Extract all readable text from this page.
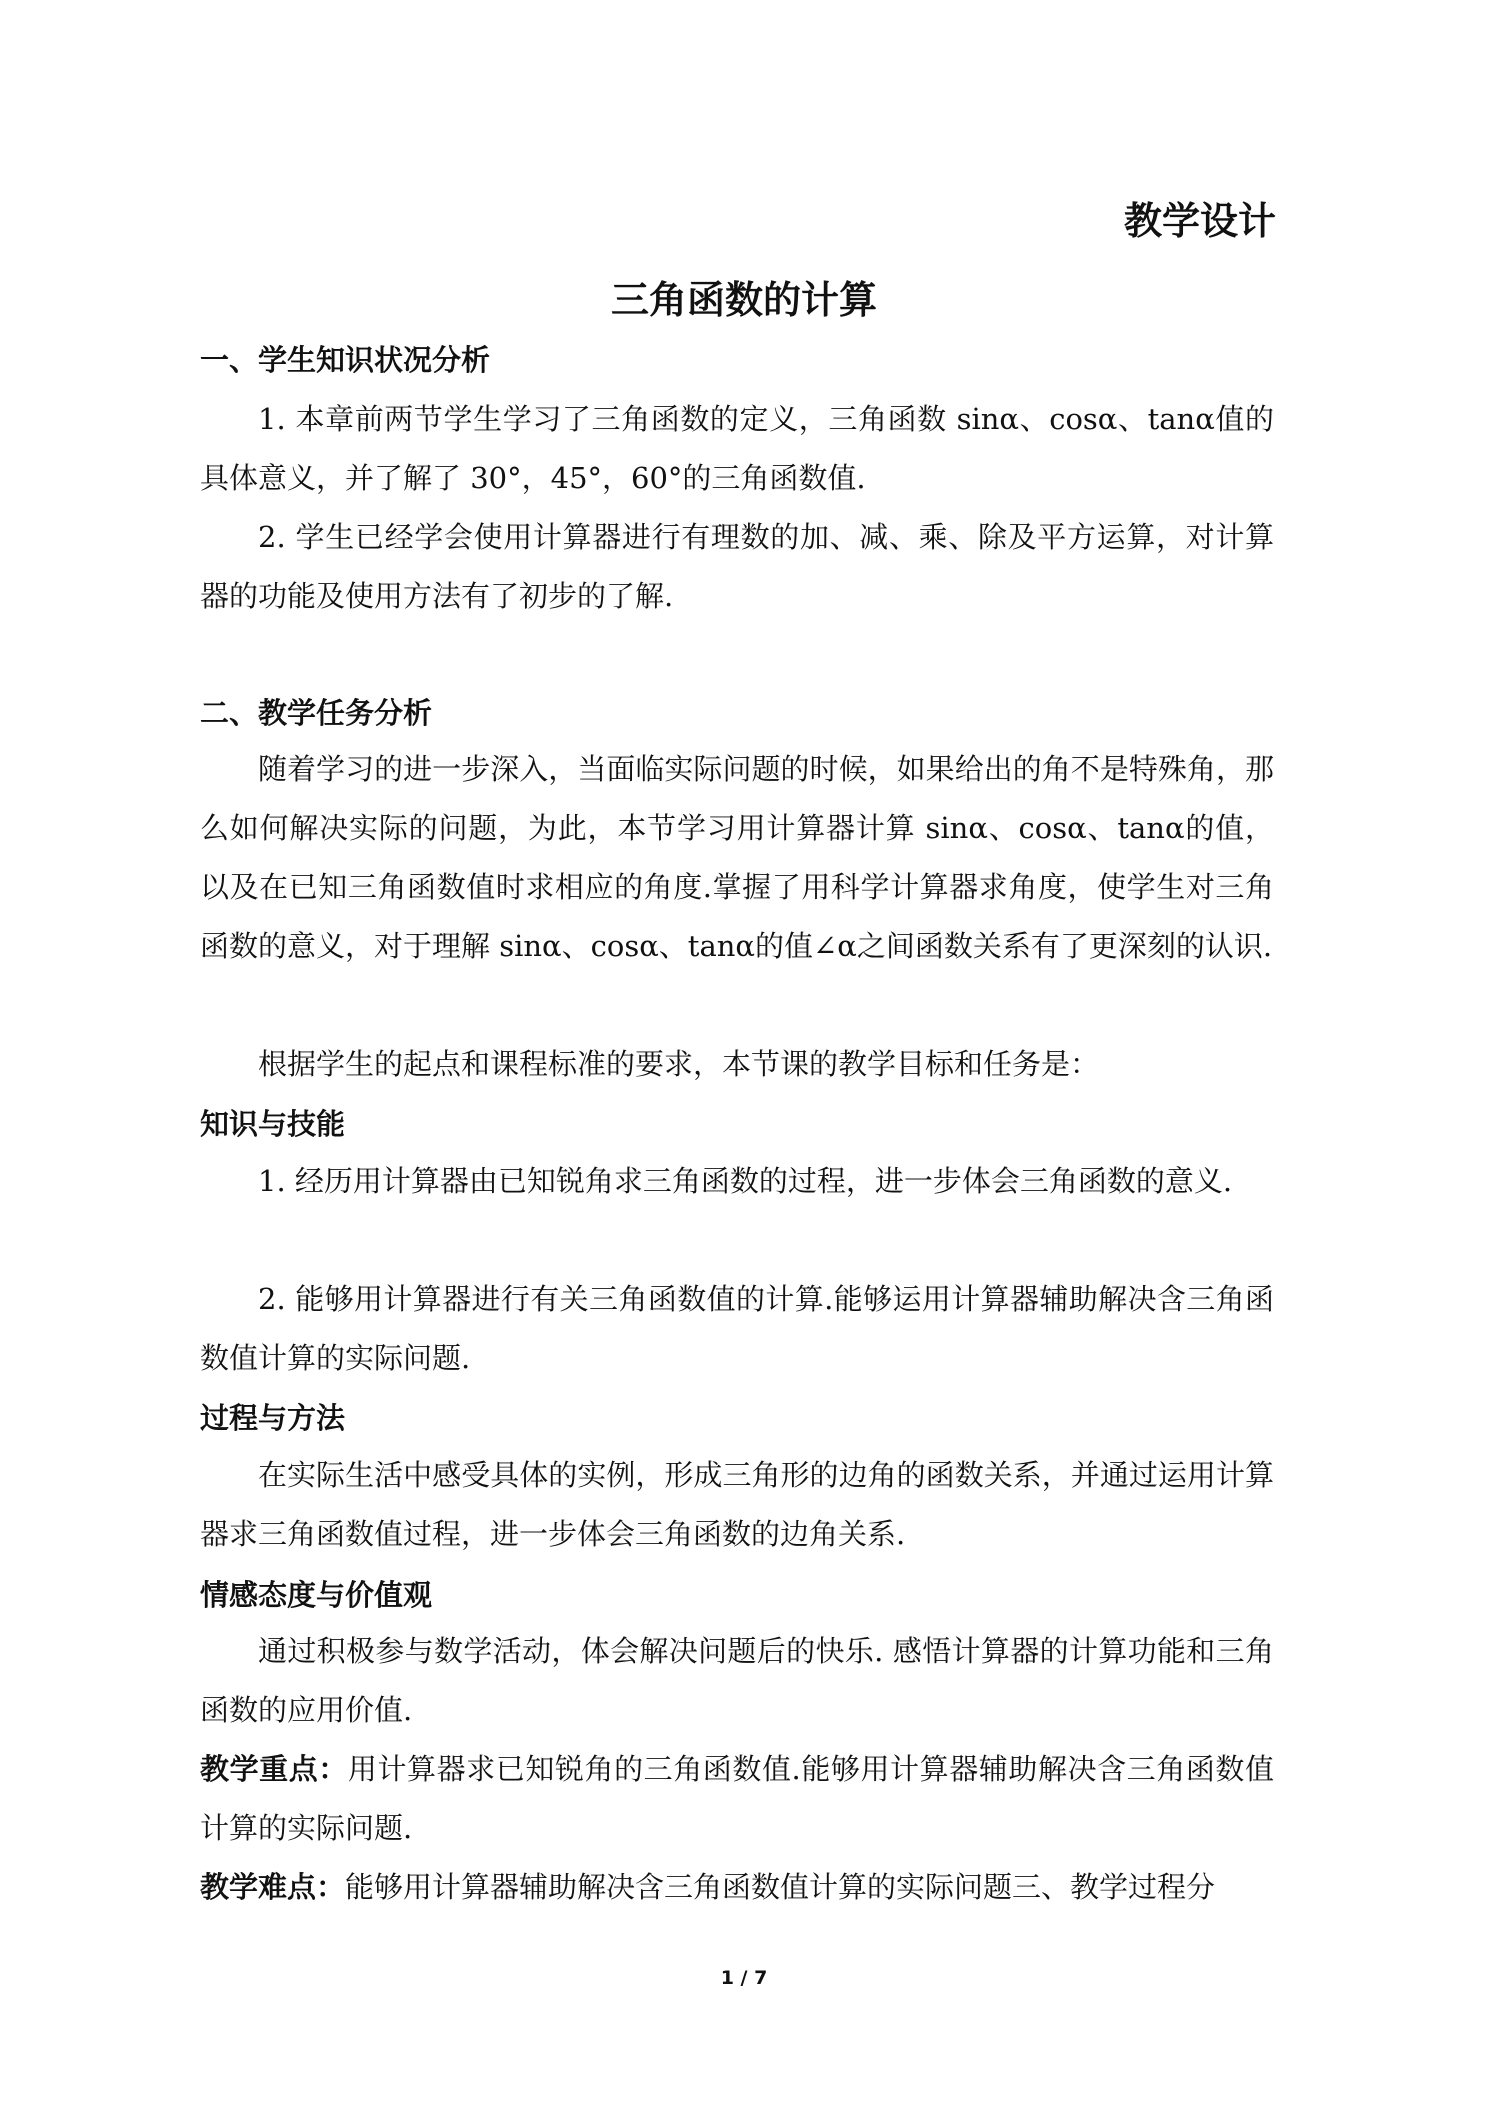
教学设计

三角函数的计算

一、学生知识状况分析

1. 本章前两节学生学习了三角函数的定义，三角函数 sinα、cosα、tanα值的具体意义，并了解了 30°，45°，60°的三角函数值.

2. 学生已经学会使用计算器进行有理数的加、减、乘、除及平方运算，对计算器的功能及使用方法有了初步的了解.

二、教学任务分析

随着学习的进一步深入，当面临实际问题的时候，如果给出的角不是特殊角，那么如何解决实际的问题，为此，本节学习用计算器计算 sinα、cosα、tanα的值，以及在已知三角函数值时求相应的角度.掌握了用科学计算器求角度，使学生对三角函数的意义，对于理解 sinα、cosα、tanα的值∠α之间函数关系有了更深刻的认识.

根据学生的起点和课程标准的要求，本节课的教学目标和任务是：

知识与技能

1. 经历用计算器由已知锐角求三角函数的过程，进一步体会三角函数的意义.

2. 能够用计算器进行有关三角函数值的计算.能够运用计算器辅助解决含三角函数值计算的实际问题.

过程与方法

在实际生活中感受具体的实例，形成三角形的边角的函数关系，并通过运用计算器求三角函数值过程，进一步体会三角函数的边角关系.

情感态度与价值观

通过积极参与数学活动，体会解决问题后的快乐. 感悟计算器的计算功能和三角函数的应用价值.

教学重点：用计算器求已知锐角的三角函数值.能够用计算器辅助解决含三角函数值计算的实际问题.

教学难点：能够用计算器辅助解决含三角函数值计算的实际问题三、教学过程分

1 / 7
